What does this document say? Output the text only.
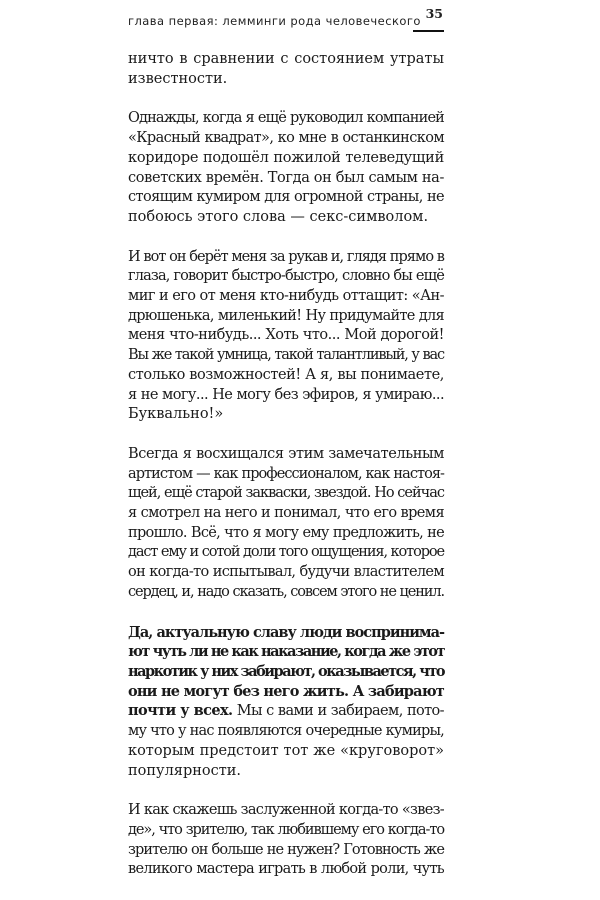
глава первая: лемминги рода человеческого 35

ничто в сравнении с состоянием утраты
известности.

Однажды, когда я ещё руководил компанией
«Красный квадрат», ко мне в останкинском
коридоре подошёл пожилой телеведущий
советских времён. Тогда он был самым на-
стоящим кумиром для огромной страны, не
побоюсь этого слова — секс-символом.

И вот он берёт меня за рукав и, глядя прямо в
глаза, говорит быстро-быстро, словно бы ещё
миг и его от меня кто-нибудь оттащит: «Ан-
дрюшенька, миленький! Ну придумайте для
меня что-нибудь... Хоть что... Мой дорогой!
Вы же такой умница, такой талантливый, у вас
столько возможностей! А я, вы понимаете,
я не могу... Не могу без эфиров, я умираю...
Буквально!»

Всегда я восхищался этим замечательным
артистом — как профессионалом, как настоя-
щей, ещё старой закваски, звездой. Но сейчас
я смотрел на него и понимал, что его время
прошло. Всё, что я могу ему предложить, не
даст ему и сотой доли того ощущения, которое
он когда-то испытывал, будучи властителем
сердец, и, надо сказать, совсем этого не ценил.

Да, актуальную славу люди воспринима-
ют чуть ли не как наказание, когда же этот
наркотик у них забирают, оказывается, что
они не могут без него жить. А забирают
почти у всех. Мы с вами и забираем, пото-
му что у нас появляются очередные кумиры,
которым предстоит тот же «круговорот»
популярности.

И как скажешь заслуженной когда-то «звез-
де», что зрителю, так любившему его когда-то
зрителю он больше не нужен? Готовность же
великого мастера играть в любой роли, чуть
